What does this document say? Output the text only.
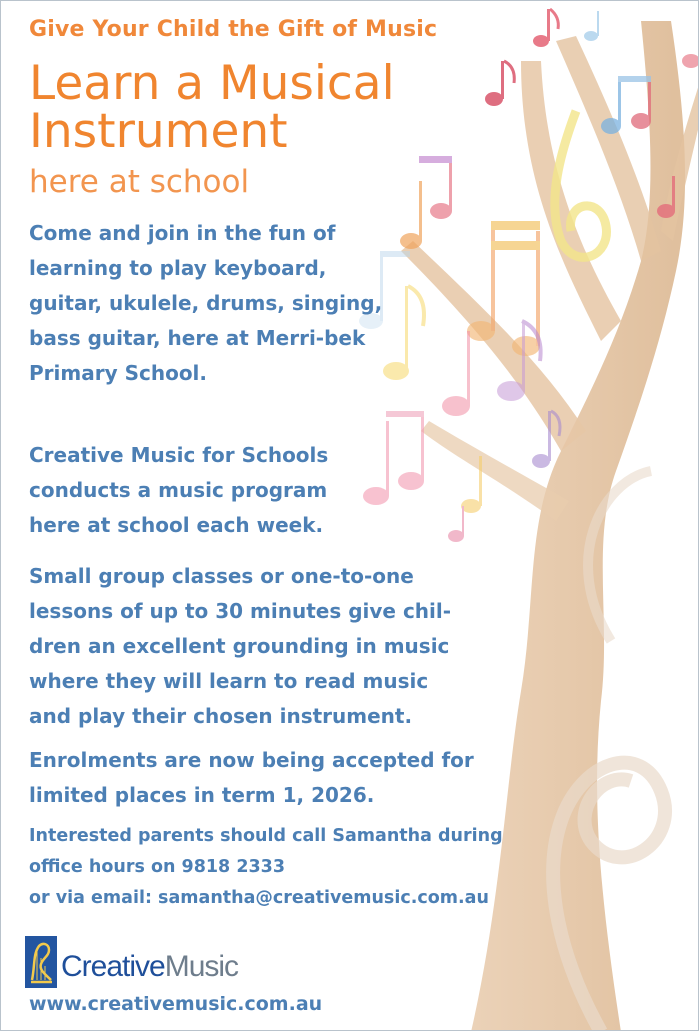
Give Your Child the Gift of Music
Learn a Musical
Instrument
here at school
Come and join in the fun of
learning to play keyboard,
guitar, ukulele, drums, singing,
bass guitar, here at Merri-bek
Primary School.
Creative Music for Schools
conducts a music program
here at school each week.
Small group classes or one-to-one
lessons of up to 30 minutes give chil-
dren an excellent grounding in music
where they will learn to read music
and play their chosen instrument.
Enrolments are now being accepted for
limited places in term 1, 2026.
Interested parents should call Samantha during
office hours on 9818 2333
or via email: samantha@creativemusic.com.au
CreativeMusic
www.creativemusic.com.au
